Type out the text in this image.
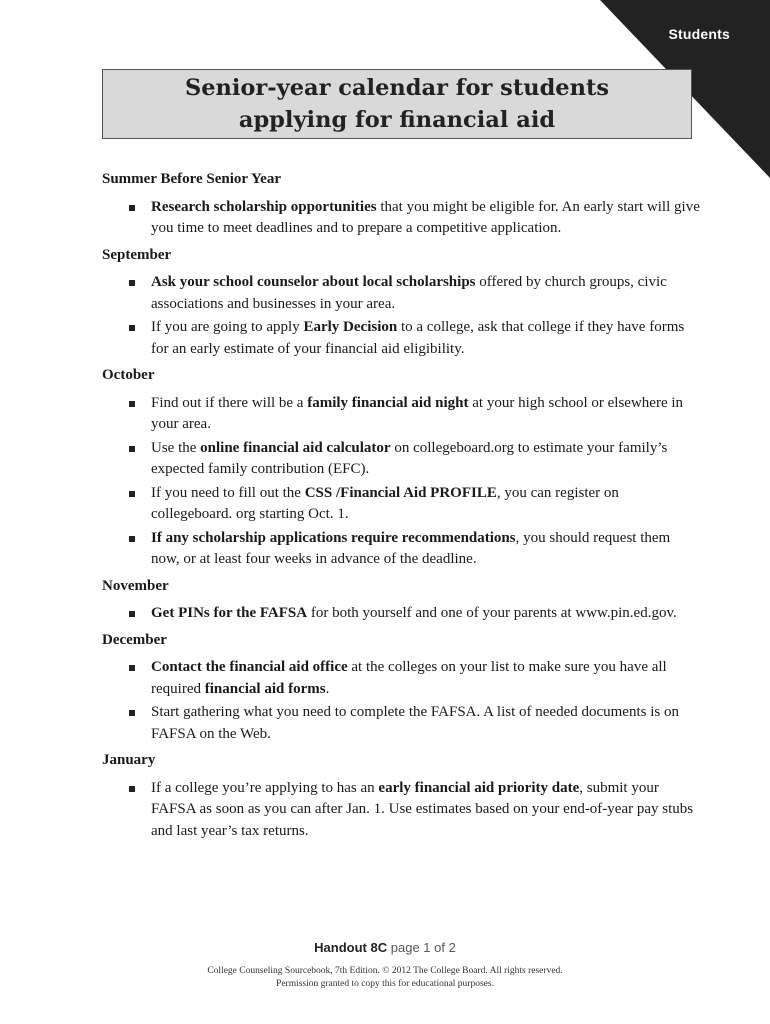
Students
Senior-year calendar for students
applying for financial aid
Summer Before Senior Year
Research scholarship opportunities that you might be eligible for. An early start will give you time to meet deadlines and to prepare a competitive application.
September
Ask your school counselor about local scholarships offered by church groups, civic associations and businesses in your area.
If you are going to apply Early Decision to a college, ask that college if they have forms for an early estimate of your financial aid eligibility.
October
Find out if there will be a family financial aid night at your high school or elsewhere in your area.
Use the online financial aid calculator on collegeboard.org to estimate your family’s expected family contribution (EFC).
If you need to fill out the CSS /Financial Aid PROFILE, you can register on collegeboard. org starting Oct. 1.
If any scholarship applications require recommendations, you should request them now, or at least four weeks in advance of the deadline.
November
Get PINs for the FAFSA for both yourself and one of your parents at www.pin.ed.gov.
December
Contact the financial aid office at the colleges on your list to make sure you have all required financial aid forms.
Start gathering what you need to complete the FAFSA. A list of needed documents is on FAFSA on the Web.
January
If a college you’re applying to has an early financial aid priority date, submit your FAFSA as soon as you can after Jan. 1. Use estimates based on your end-of-year pay stubs and last year’s tax returns.
Handout 8C page 1 of 2
College Counseling Sourcebook, 7th Edition. © 2012 The College Board. All rights reserved.
Permission granted to copy this for educational purposes.
